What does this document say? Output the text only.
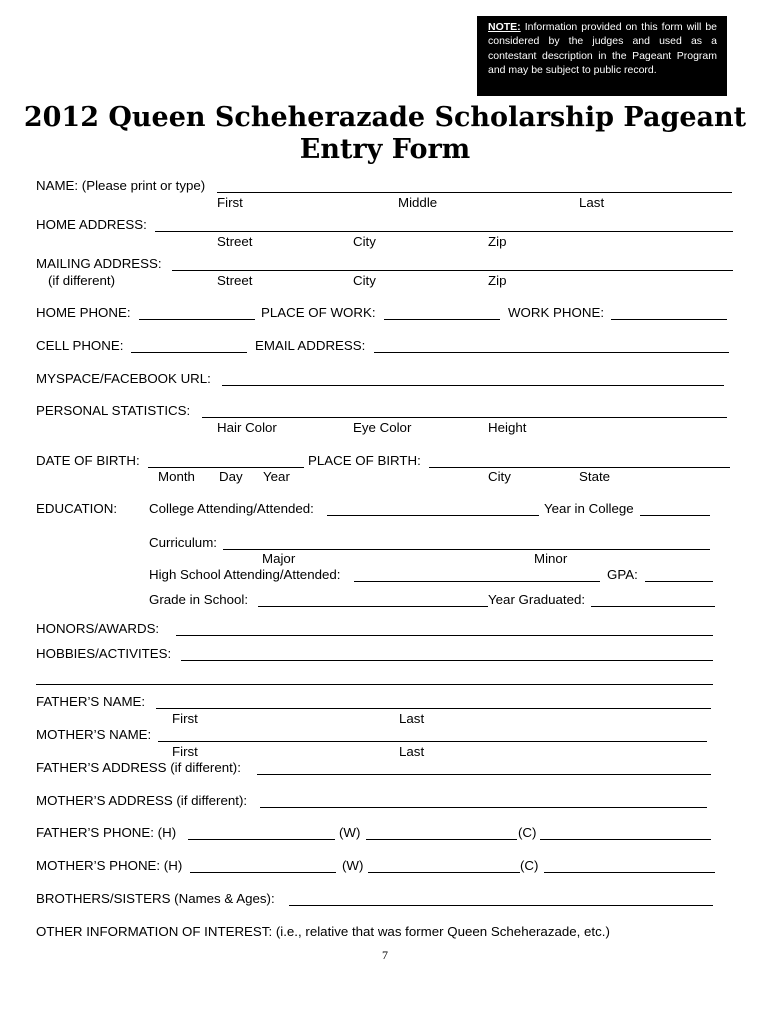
NOTE: Information provided on this form will be considered by the judges and used as a contestant description in the Pageant Program and may be subject to public record.
2012 Queen Scheherazade Scholarship Pageant
Entry Form
NAME: (Please print or type)
First	Middle	Last
HOME ADDRESS:
Street	City	Zip
MAILING ADDRESS:
(if different)	Street	City	Zip
HOME PHONE:	PLACE OF WORK:	WORK PHONE:
CELL PHONE:	EMAIL ADDRESS:
MYSPACE/FACEBOOK URL:
PERSONAL STATISTICS:
Hair Color	Eye Color	Height
DATE OF BIRTH:	PLACE OF BIRTH:
Month Day Year	City	State
EDUCATION: College Attending/Attended:	Year in College
Curriculum:
Major	Minor
High School Attending/Attended:	GPA:
Grade in School:	Year Graduated:
HONORS/AWARDS:
HOBBIES/ACTIVITES:
FATHER’S NAME:
First	Last
MOTHER’S NAME:
First	Last
FATHER’S ADDRESS (if different):
MOTHER’S ADDRESS (if different):
FATHER’S PHONE: (H)	(W)	(C)
MOTHER’S PHONE: (H)	(W)	(C)
BROTHERS/SISTERS (Names & Ages):
OTHER INFORMATION OF INTEREST: (i.e., relative that was former Queen Scheherazade, etc.)
7
